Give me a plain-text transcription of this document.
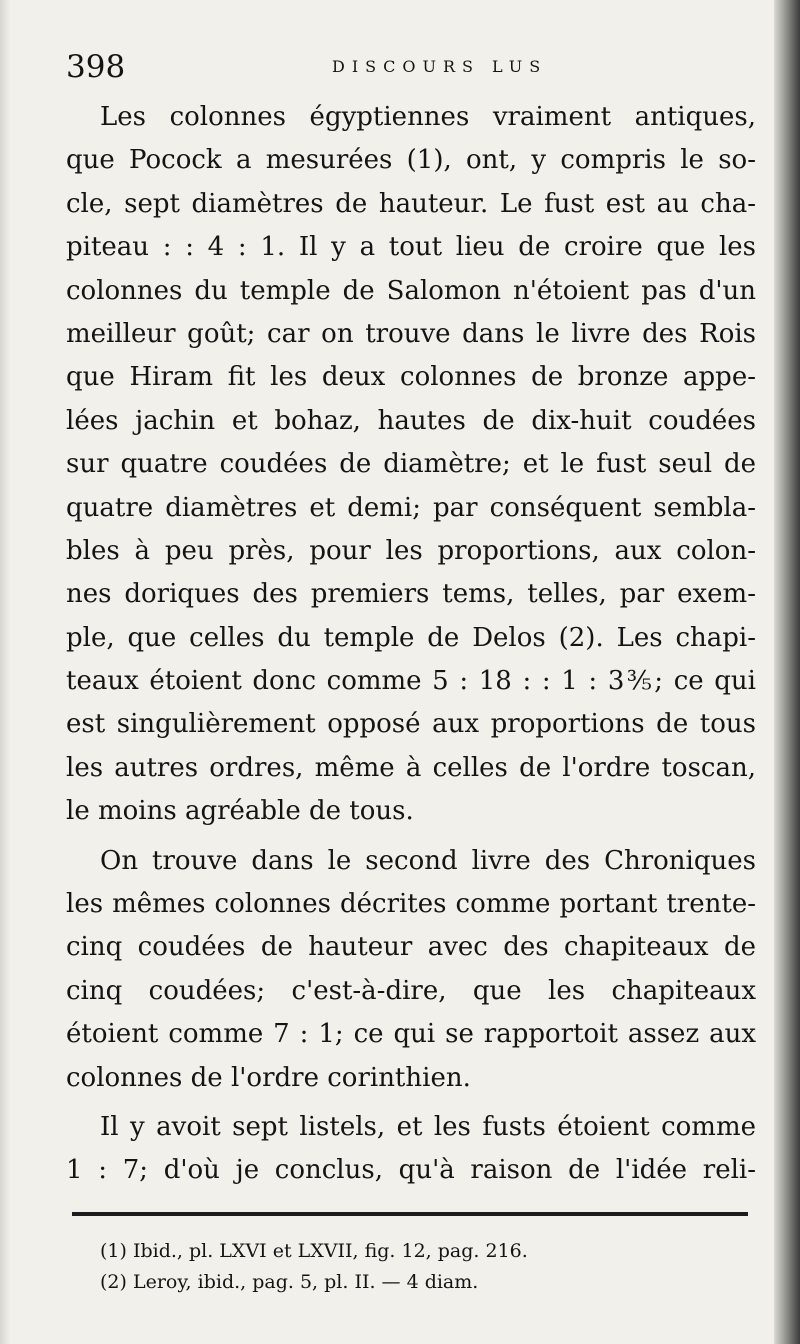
398	DISCOURS LUS
Les colonnes égyptiennes vraiment antiques,
que Pocock a mesurées (1), ont, y compris le so-
cle, sept diamètres de hauteur. Le fust est au cha-
piteau : : 4 : 1. Il y a tout lieu de croire que les
colonnes du temple de Salomon n'étoient pas d'un
meilleur goût; car on trouve dans le livre des Rois
que Hiram fit les deux colonnes de bronze appe-
lées jachin et bohaz, hautes de dix-huit coudées
sur quatre coudées de diamètre; et le fust seul de
quatre diamètres et demi; par conséquent sembla-
bles à peu près, pour les proportions, aux colon-
nes doriques des premiers tems, telles, par exem-
ple, que celles du temple de Delos (2). Les chapi-
teaux étoient donc comme 5 : 18 : : 1 : 3⅗; ce qui
est singulièrement opposé aux proportions de tous
les autres ordres, même à celles de l'ordre toscan,
le moins agréable de tous.
On trouve dans le second livre des Chroniques
les mêmes colonnes décrites comme portant trente-
cinq coudées de hauteur avec des chapiteaux de
cinq coudées; c'est-à-dire, que les chapiteaux
étoient comme 7 : 1; ce qui se rapportoit assez aux
colonnes de l'ordre corinthien.
Il y avoit sept listels, et les fusts étoient comme
1 : 7; d'où je conclus, qu'à raison de l'idée reli-
(1) Ibid., pl. LXVI et LXVII, fig. 12, pag. 216.
(2) Leroy, ibid., pag. 5, pl. II. — 4 diam.
